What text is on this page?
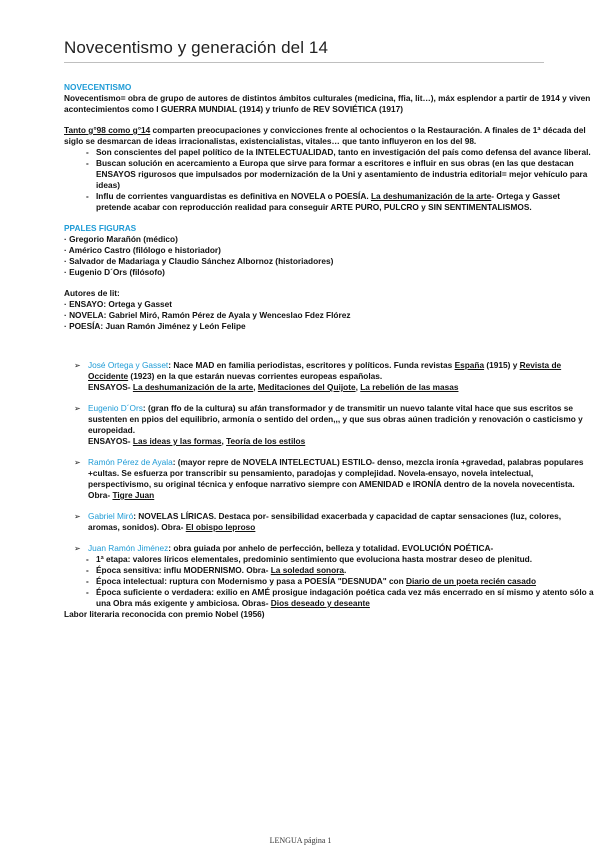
Novecentismo y generación del 14

NOVECENTISMO

Novecentismo= obra de grupo de autores de distintos ámbitos culturales (medicina, ffia, lit…), máx esplendor a partir de 1914 y viven acontecimientos como I GUERRA MUNDIAL (1914) y triunfo de REV SOVIÉTICA (1917)

Tanto g°98 como g°14 comparten preocupaciones y convicciones frente al ochocientos o la Restauración. A finales de 1ª década del siglo se desmarcan de ideas irracionalistas, existencialistas, vitales… que tanto influyeron en los del 98.

- Son conscientes del papel político de la INTELECTUALIDAD, tanto en investigación del país como defensa del avance liberal.
- Buscan solución en acercamiento a Europa que sirve para formar a escritores e influir en sus obras (en las que destacan ENSAYOS rigurosos que impulsados por modernización de la Uni y asentamiento de industria editorial= mejor vehículo para ideas)
- Influ de corrientes vanguardistas es definitiva en NOVELA o POESÍA. La deshumanización de la arte- Ortega y Gasset pretende acabar con reproducción realidad para conseguir ARTE PURO, PULCRO y SIN SENTIMENTALISMOS.

PPALES FIGURAS

· Gregorio Marañón (médico)

· Américo Castro (filólogo e historiador)

· Salvador de Madariaga y Claudio Sánchez Albornoz (historiadores)

· Eugenio D´Ors (filósofo)

Autores de lit:

· ENSAYO: Ortega y Gasset

· NOVELA: Gabriel Miró, Ramón Pérez de Ayala y Wenceslao Fdez Flórez

· POESÍA: Juan Ramón Jiménez y León Felipe

➢ José Ortega y Gasset: Nace MAD en familia periodistas, escritores y políticos. Funda revistas España (1915) y Revista de Occidente (1923) en la que estarán nuevas corrientes europeas españolas.

ENSAYOS- La deshumanización de la arte, Meditaciones del Quijote, La rebelión de las masas

➢ Eugenio D´Ors: (gran ffo de la cultura) su afán transformador y de transmitir un nuevo talante vital hace que sus escritos se sustenten en ppios del equilibrio, armonía o sentido del orden,,, y que sus obras aúnen tradición y renovación o casticismo y europeidad.

ENSAYOS- Las ideas y las formas, Teoría de los estilos

➢ Ramón Pérez de Ayala: (mayor repre de NOVELA INTELECTUAL) ESTILO- denso, mezcla ironía +gravedad, palabras populares +cultas. Se esfuerza por transcribir su pensamiento, paradojas y complejidad. Novela-ensayo, novela intelectual, perspectivismo, su original técnica y enfoque narrativo siempre con AMENIDAD e IRONÍA dentro de la novela novecentista.

Obra- Tigre Juan

➢ Gabriel Miró: NOVELAS LÍRICAS. Destaca por- sensibilidad exacerbada y capacidad de captar sensaciones (luz, colores, aromas, sonidos). Obra- El obispo leproso

➢ Juan Ramón Jiménez: obra guiada por anhelo de perfección, belleza y totalidad. EVOLUCIÓN POÉTICA-

- 1ª etapa: valores líricos elementales, predominio sentimiento que evoluciona hasta mostrar deseo de plenitud.
- Época sensitiva: influ MODERNISMO. Obra- La soledad sonora.
- Época intelectual: ruptura con Modernismo y pasa a POESÍA "DESNUDA" con Diario de un poeta recién casado
- Época suficiente o verdadera: exilio en AMÉ prosigue indagación poética cada vez más encerrado en sí mismo y atento sólo a una Obra más exigente y ambiciosa. Obras- Dios deseado y deseante

Labor literaria reconocida con premio Nobel (1956)

LENGUA página 1
